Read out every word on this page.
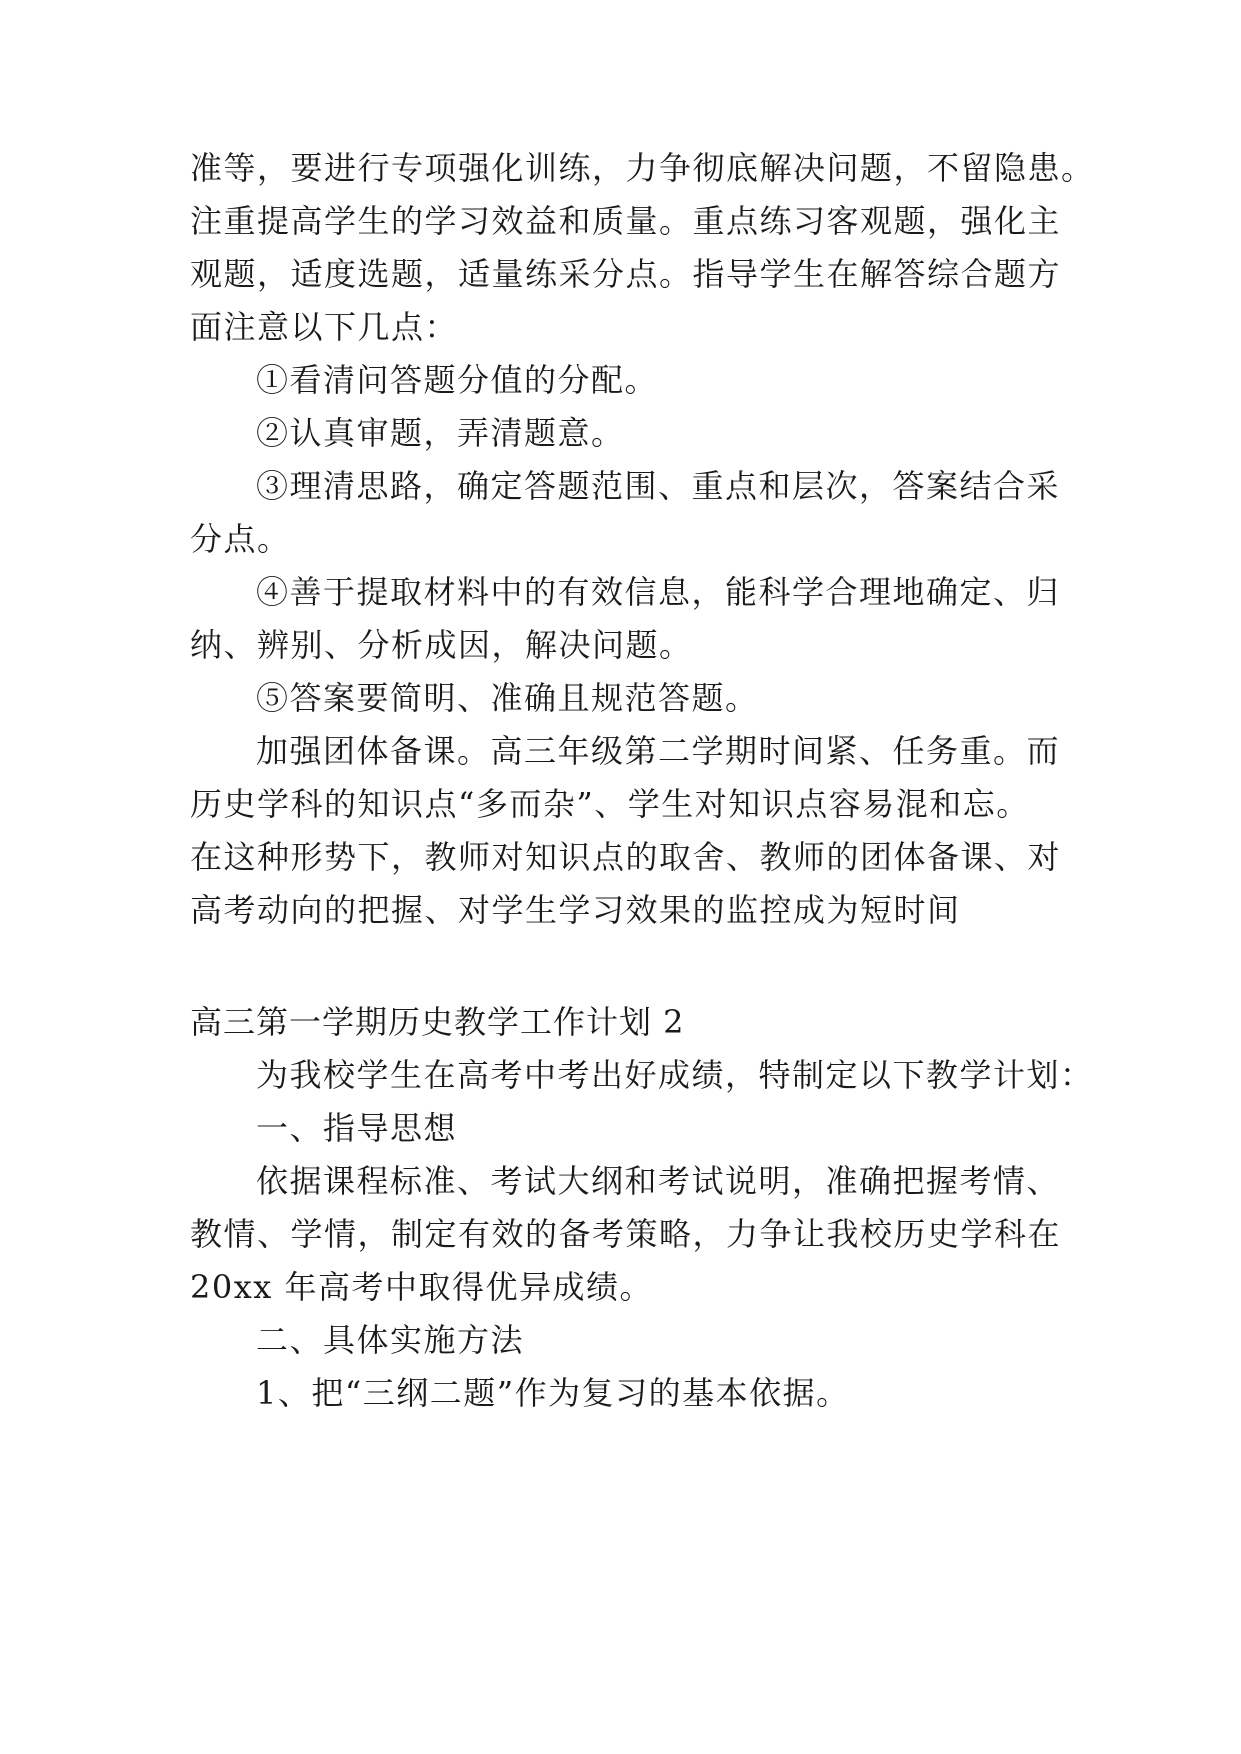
准等，要进行专项强化训练，力争彻底解决问题，不留隐患。
注重提高学生的学习效益和质量。重点练习客观题，强化主
观题，适度选题，适量练采分点。指导学生在解答综合题方
面注意以下几点：
①看清问答题分值的分配。
②认真审题，弄清题意。
③理清思路，确定答题范围、重点和层次，答案结合采
分点。
④善于提取材料中的有效信息，能科学合理地确定、归
纳、辨别、分析成因，解决问题。
⑤答案要简明、准确且规范答题。
加强团体备课。高三年级第二学期时间紧、任务重。而
历史学科的知识点“多而杂”、学生对知识点容易混和忘。
在这种形势下，教师对知识点的取舍、教师的团体备课、对
高考动向的把握、对学生学习效果的监控成为短时间
高三第一学期历史教学工作计划 2
为我校学生在高考中考出好成绩，特制定以下教学计划：
一、指导思想
依据课程标准、考试大纲和考试说明，准确把握考情、
教情、学情，制定有效的备考策略，力争让我校历史学科在
20xx 年高考中取得优异成绩。
二、具体实施方法
1、把“三纲二题”作为复习的基本依据。
